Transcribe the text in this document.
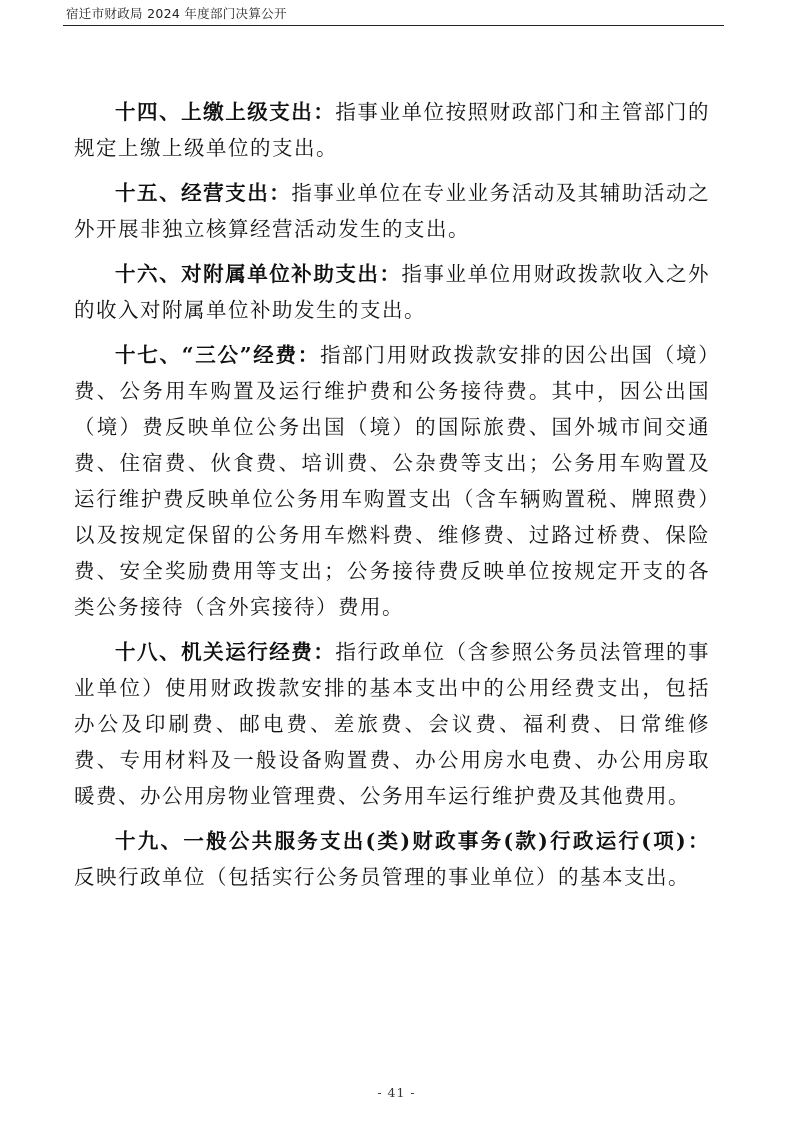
宿迁市财政局 2024 年度部门决算公开

十四、上缴上级支出：指事业单位按照财政部门和主管部门的规定上缴上级单位的支出。

十五、经营支出：指事业单位在专业业务活动及其辅助活动之外开展非独立核算经营活动发生的支出。

十六、对附属单位补助支出：指事业单位用财政拨款收入之外的收入对附属单位补助发生的支出。

十七、“三公”经费：指部门用财政拨款安排的因公出国（境）费、公务用车购置及运行维护费和公务接待费。其中，因公出国（境）费反映单位公务出国（境）的国际旅费、国外城市间交通费、住宿费、伙食费、培训费、公杂费等支出；公务用车购置及运行维护费反映单位公务用车购置支出（含车辆购置税、牌照费）以及按规定保留的公务用车燃料费、维修费、过路过桥费、保险费、安全奖励费用等支出；公务接待费反映单位按规定开支的各类公务接待（含外宾接待）费用。

十八、机关运行经费：指行政单位（含参照公务员法管理的事业单位）使用财政拨款安排的基本支出中的公用经费支出，包括办公及印刷费、邮电费、差旅费、会议费、福利费、日常维修费、专用材料及一般设备购置费、办公用房水电费、办公用房取暖费、办公用房物业管理费、公务用车运行维护费及其他费用。

十九、一般公共服务支出(类)财政事务(款)行政运行(项)：反映行政单位（包括实行公务员管理的事业单位）的基本支出。

- 41 -
